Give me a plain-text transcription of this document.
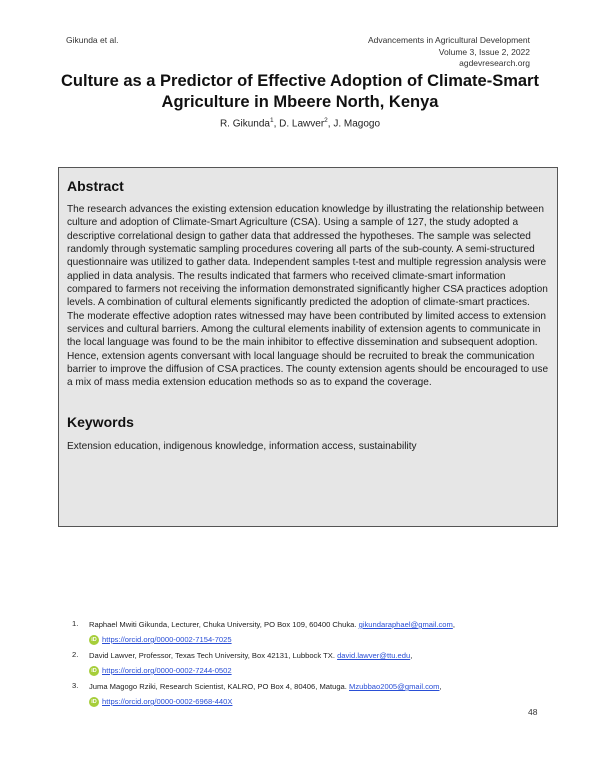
Gikunda et al.	Advancements in Agricultural Development
Volume 3, Issue 2, 2022
agdevresearch.org
Culture as a Predictor of Effective Adoption of Climate-Smart
Agriculture in Mbeere North, Kenya
R. Gikunda$^1$, D. Lawver$^2$, J. Magogo
Abstract

The research advances the existing extension education knowledge by illustrating the relationship between culture and adoption of Climate-Smart Agriculture (CSA). Using a sample of 127, the study adopted a descriptive correlational design to gather data that addressed the hypotheses. The sample was selected randomly through systematic sampling procedures covering all parts of the sub-county. A semi-structured questionnaire was utilized to gather data. Independent samples t-test and multiple regression analysis were applied in data analysis. The results indicated that farmers who received climate-smart information compared to farmers not receiving the information demonstrated significantly higher CSA practices adoption levels. A combination of cultural elements significantly predicted the adoption of climate-smart practices. The moderate effective adoption rates witnessed may have been contributed by limited access to extension services and cultural barriers. Among the cultural elements inability of extension agents to communicate in the local language was found to be the main inhibitor to effective dissemination and subsequent adoption. Hence, extension agents conversant with local language should be recruited to break the communication barrier to improve the diffusion of CSA practices. The county extension agents should be encouraged to use a mix of mass media extension education methods so as to expand the coverage.

Keywords

Extension education, indigenous knowledge, information access, sustainability

1. Raphael Mwiti Gikunda, Lecturer, Chuka University, PO Box 109, 60400 Chuka. gikundaraphael@gmail.com,
iD https://orcid.org/0000-0002-7154-7025
2. David Lawver, Professor, Texas Tech University, Box 42131, Lubbock TX. david.lawver@ttu.edu,
iD https://orcid.org/0000-0002-7244-0502
3. Juma Magogo Rziki, Research Scientist, KALRO, PO Box 4, 80406, Matuga. Mzubbao2005@gmail.com,
iD https://orcid.org/0000-0002-6968-440X
48
